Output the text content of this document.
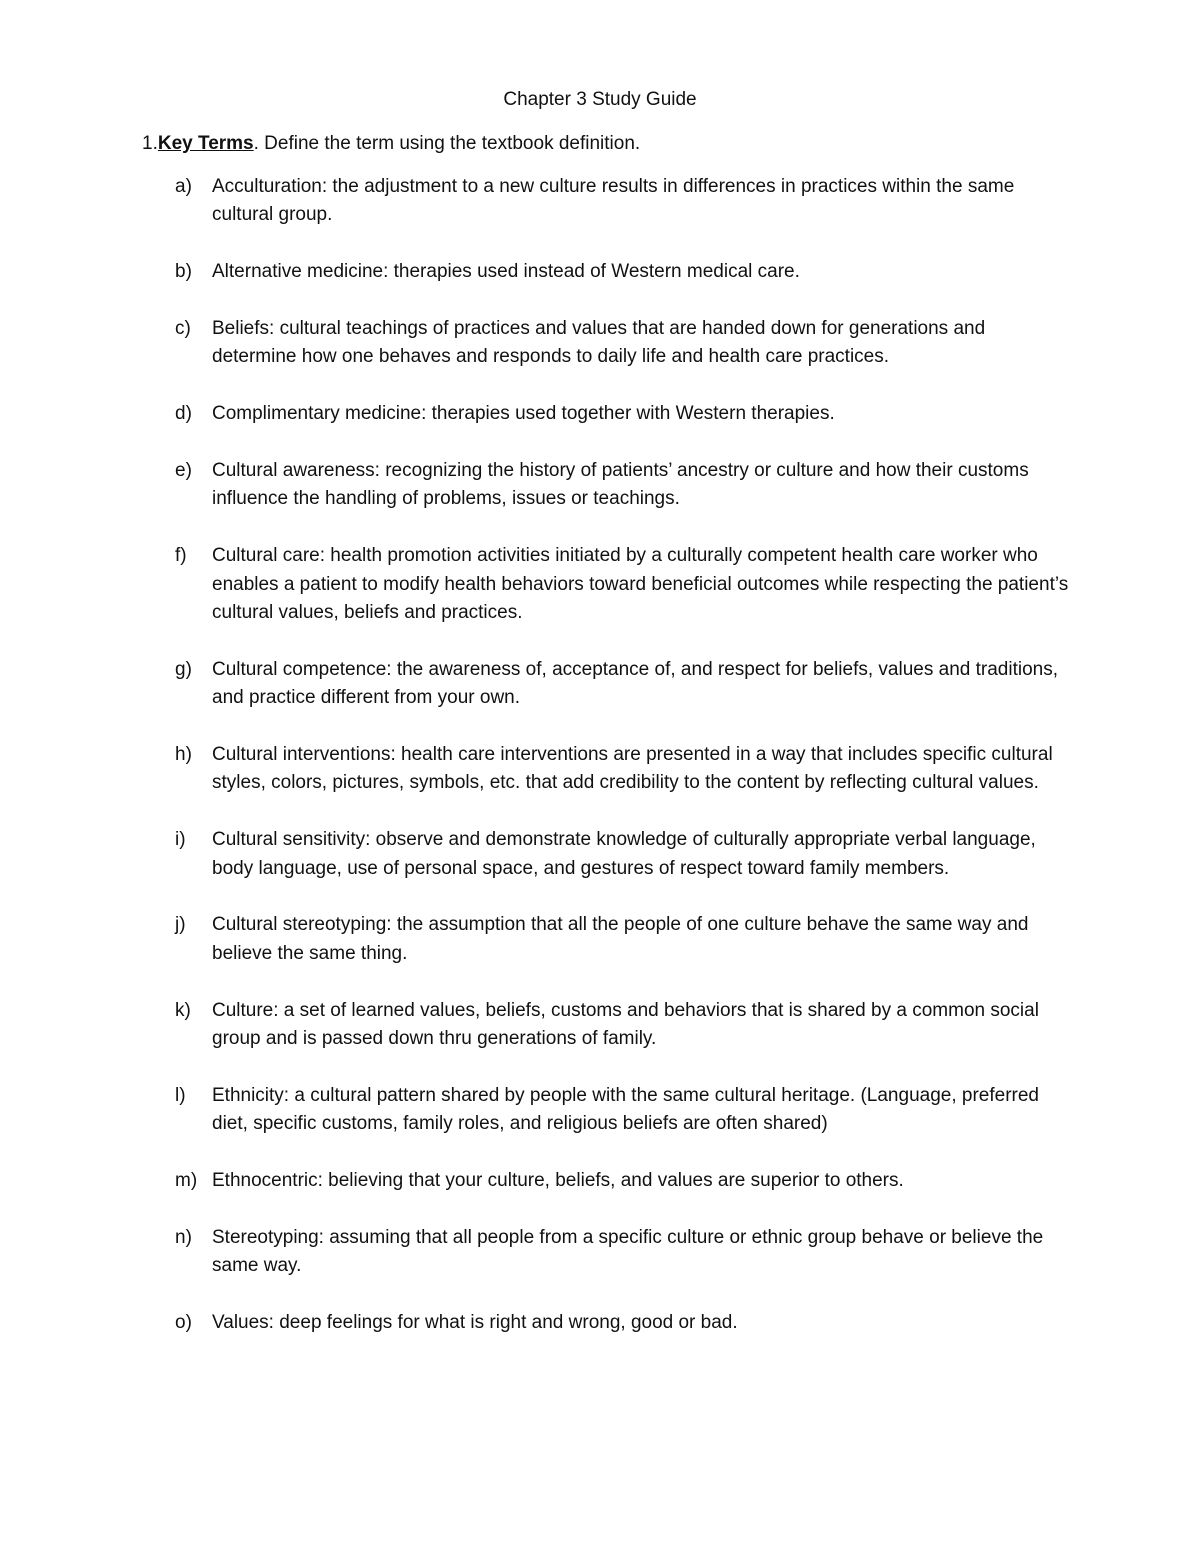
Chapter 3 Study Guide
1.Key Terms. Define the term using the textbook definition.
a) Acculturation: the adjustment to a new culture results in differences in practices within the same cultural group.
b) Alternative medicine: therapies used instead of Western medical care.
c) Beliefs: cultural teachings of practices and values that are handed down for generations and determine how one behaves and responds to daily life and health care practices.
d) Complimentary medicine: therapies used together with Western therapies.
e) Cultural awareness: recognizing the history of patients’ ancestry or culture and how their customs influence the handling of problems, issues or teachings.
f) Cultural care: health promotion activities initiated by a culturally competent health care worker who enables a patient to modify health behaviors toward beneficial outcomes while respecting the patient’s cultural values, beliefs and practices.
g) Cultural competence: the awareness of, acceptance of, and respect for beliefs, values and traditions, and practice different from your own.
h) Cultural interventions: health care interventions are presented in a way that includes specific cultural styles, colors, pictures, symbols, etc. that add credibility to the content by reflecting cultural values.
i) Cultural sensitivity: observe and demonstrate knowledge of culturally appropriate verbal language, body language, use of personal space, and gestures of respect toward family members.
j) Cultural stereotyping: the assumption that all the people of one culture behave the same way and believe the same thing.
k) Culture: a set of learned values, beliefs, customs and behaviors that is shared by a common social group and is passed down thru generations of family.
l) Ethnicity: a cultural pattern shared by people with the same cultural heritage. (Language, preferred diet, specific customs, family roles, and religious beliefs are often shared)
m) Ethnocentric: believing that your culture, beliefs, and values are superior to others.
n) Stereotyping: assuming that all people from a specific culture or ethnic group behave or believe the same way.
o) Values: deep feelings for what is right and wrong, good or bad.
